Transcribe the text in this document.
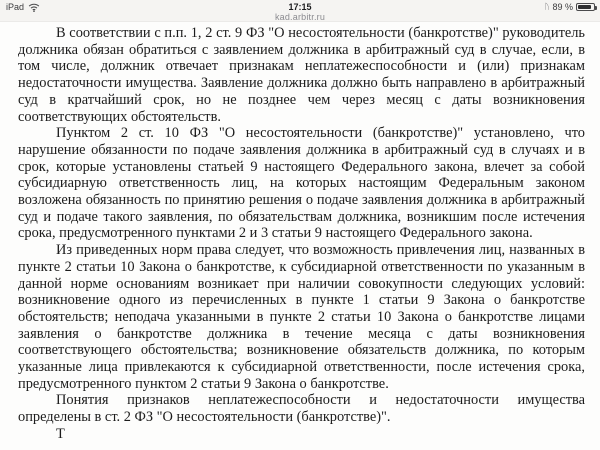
iPad	17:15	ᚢ 89 %
kad.arbitr.ru

В соответствии с п.п. 1, 2 ст. 9 ФЗ "О несостоятельности (банкротстве)" руководитель должника обязан обратиться с заявлением должника в арбитражный суд в случае, если, в том числе, должник отвечает признакам неплатежеспособности и (или) признакам недостаточности имущества. Заявление должника должно быть направлено в арбитражный суд в кратчайший срок, но не позднее чем через месяц с даты возникновения соответствующих обстоятельств.

Пунктом 2 ст. 10 ФЗ "О несостоятельности (банкротстве)" установлено, что нарушение обязанности по подаче заявления должника в арбитражный суд в случаях и в срок, которые установлены статьей 9 настоящего Федерального закона, влечет за собой субсидиарную ответственность лиц, на которых настоящим Федеральным законом возложена обязанность по принятию решения о подаче заявления должника в арбитражный суд и подаче такого заявления, по обязательствам должника, возникшим после истечения срока, предусмотренного пунктами 2 и 3 статьи 9 настоящего Федерального закона.

Из приведенных норм права следует, что возможность привлечения лиц, названных в пункте 2 статьи 10 Закона о банкротстве, к субсидиарной ответственности по указанным в данной норме основаниям возникает при наличии совокупности следующих условий: возникновение одного из перечисленных в пункте 1 статьи 9 Закона о банкротстве обстоятельств; неподача указанными в пункте 2 статьи 10 Закона о банкротстве лицами заявления о банкротстве должника в течение месяца с даты возникновения соответствующего обстоятельства; возникновение обязательств должника, по которым указанные лица привлекаются к субсидиарной ответственности, после истечения срока, предусмотренного пунктом 2 статьи 9 Закона о банкротстве.

Понятия признаков неплатежеспособности и недостаточности имущества определены в ст. 2 ФЗ "О несостоятельности (банкротстве)".

Т
